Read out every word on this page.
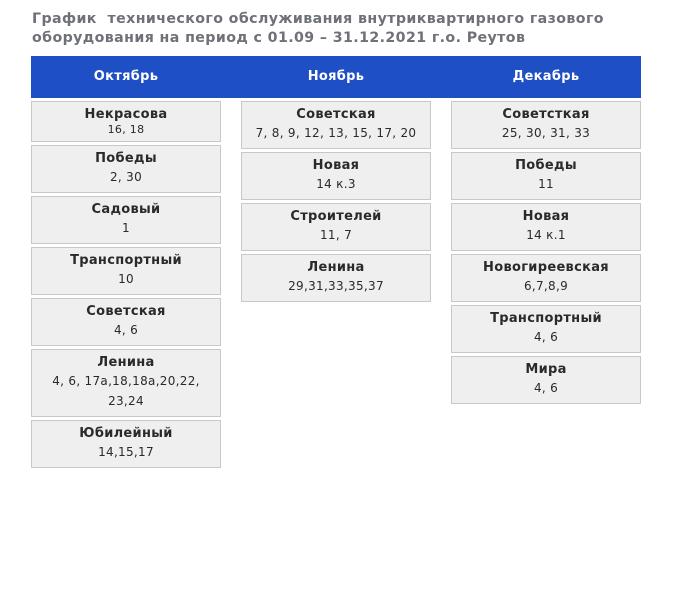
График  технического обслуживания внутриквартирного газового
оборудования на период с 01.09 – 31.12.2021 г.о. Реутов
Октябрь	Ноябрь	Декабрь
Некрасова
16, 18
Победы
2, 30
Садовый
1
Транспортный
10
Советская
4, 6
Ленина
4, 6, 17а,18,18а,20,22,
23,24
Юбилейный
14,15,17
Советская
7, 8, 9, 12, 13, 15, 17, 20
Новая
14 к.3
Строителей
11, 7
Ленина
29,31,33,35,37
Советсткая
25, 30, 31, 33
Победы
11
Новая
14 к.1
Новогиреевская
6,7,8,9
Транспортный
4, 6
Мира
4, 6
